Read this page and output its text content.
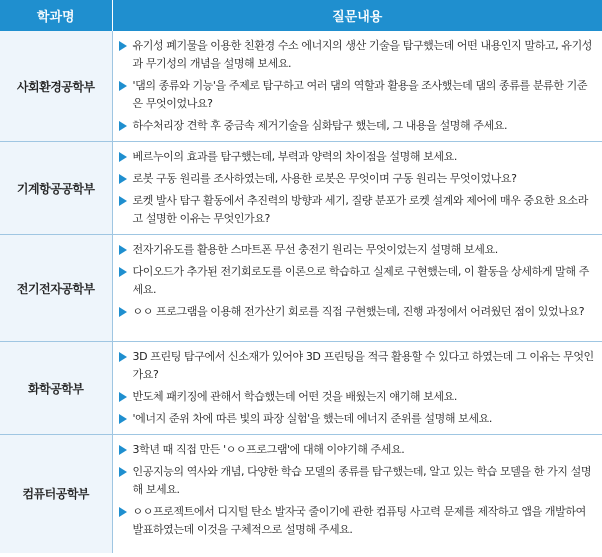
학과명	질문내용
사회환경공학부	유기성 폐기물을 이용한 친환경 수소 에너지의 생산 기술을 탐구했는데 어떤 내용인지 말하고, 유기성과 무기성의 개념을 설명해 보세요.
'댐의 종류와 기능'을 주제로 탐구하고 여러 댐의 역할과 활용을 조사했는데 댐의 종류를 분류한 기준은 무엇이었나요?
하수처리장 견학 후 중금속 제거기술을 심화탐구 했는데, 그 내용을 설명해 주세요.

기계항공공학부	베르누이의 효과를 탐구했는데, 부력과 양력의 차이점을 설명해 보세요.
로봇 구동 원리를 조사하였는데, 사용한 로봇은 무엇이며 구동 원리는 무엇이었나요?
로켓 발사 탐구 활동에서 추진력의 방향과 세기, 질량 분포가 로켓 설계와 제어에 매우 중요한 요소라고 설명한 이유는 무엇인가요?

전기전자공학부	전자기유도를 활용한 스마트폰 무선 충전기 원리는 무엇이었는지 설명해 보세요.
다이오드가 추가된 전기회로도를 이론으로 학습하고 실제로 구현했는데, 이 활동을 상세하게 말해 주세요.
ㅇㅇ 프로그램을 이용해 전가산기 회로를 직접 구현했는데, 진행 과정에서 어려웠던 점이 있었나요?

화학공학부	3D 프린팅 탐구에서 신소재가 있어야 3D 프린팅을 적극 활용할 수 있다고 하였는데 그 이유는 무엇인가요?
반도체 패키징에 관해서 학습했는데 어떤 것을 배웠는지 얘기해 보세요.
'에너지 준위 차에 따른 빛의 파장 실험'을 했는데 에너지 준위를 설명해 보세요.

컴퓨터공학부	3학년 때 직접 만든 'ㅇㅇ프로그램'에 대해 이야기해 주세요.
인공지능의 역사와 개념, 다양한 학습 모델의 종류를 탐구했는데, 알고 있는 학습 모델을 한 가지 설명해 보세요.
ㅇㅇ프로젝트에서 디지털 탄소 발자국 줄이기에 관한 컴퓨팅 사고력 문제를 제작하고 앱을 개발하여 발표하였는데 이것을 구체적으로 설명해 주세요.
